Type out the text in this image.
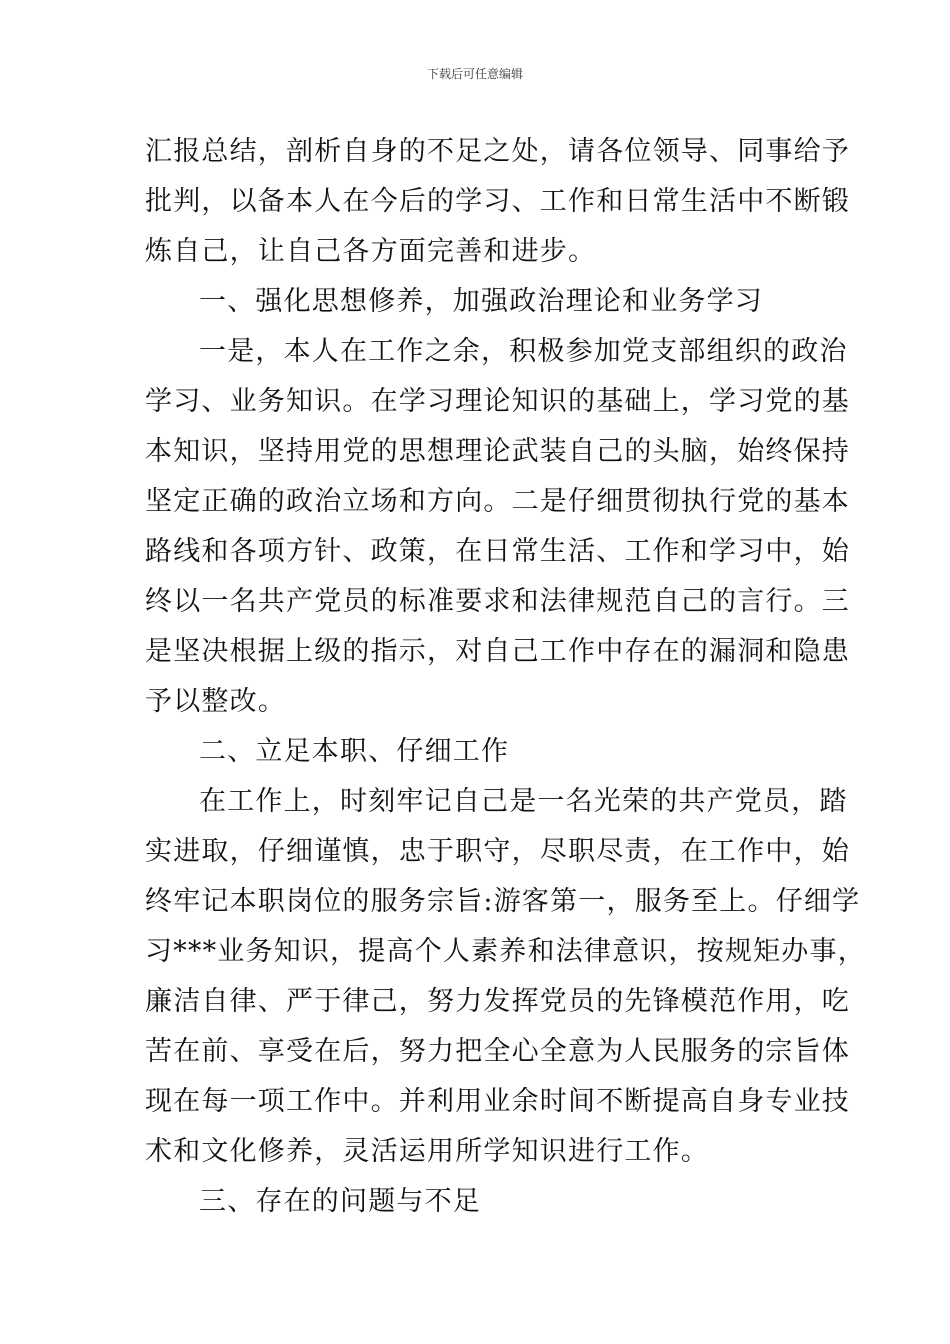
下载后可任意编辑
汇报总结，剖析自身的不足之处，请各位领导、同事给予
批判，以备本人在今后的学习、工作和日常生活中不断锻
炼自己，让自己各方面完善和进步。
一、强化思想修养，加强政治理论和业务学习
一是，本人在工作之余，积极参加党支部组织的政治
学习、业务知识。在学习理论知识的基础上，学习党的基
本知识，坚持用党的思想理论武装自己的头脑，始终保持
坚定正确的政治立场和方向。二是仔细贯彻执行党的基本
路线和各项方针、政策，在日常生活、工作和学习中，始
终以一名共产党员的标准要求和法律规范自己的言行。三
是坚决根据上级的指示，对自己工作中存在的漏洞和隐患
予以整改。
二、立足本职、仔细工作
在工作上，时刻牢记自己是一名光荣的共产党员，踏
实进取，仔细谨慎，忠于职守，尽职尽责，在工作中，始
终牢记本职岗位的服务宗旨:游客第一，服务至上。仔细学
习***业务知识，提高个人素养和法律意识，按规矩办事，
廉洁自律、严于律己，努力发挥党员的先锋模范作用，吃
苦在前、享受在后，努力把全心全意为人民服务的宗旨体
现在每一项工作中。并利用业余时间不断提高自身专业技
术和文化修养，灵活运用所学知识进行工作。
三、存在的问题与不足
